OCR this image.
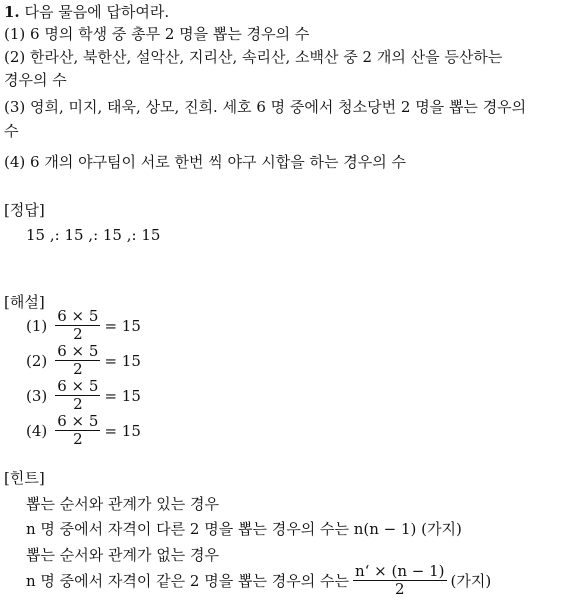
1. 다음 물음에 답하여라.
(1) 6 명의 학생 중 총무 2 명을 뽑는 경우의 수
(2) 한라산, 북한산, 설악산, 지리산, 속리산, 소백산 중 2 개의 산을 등산하는
경우의 수
(3) 영희, 미지, 태욱, 상모, 진희. 세호 6 명 중에서 청소당번 2 명을 뽑는 경우의
수
(4) 6 개의 야구팀이 서로 한번 씩 야구 시합을 하는 경우의 수
[정답]
15 ,: 15 ,: 15 ,: 15
[해설]
$(1) \frac{6 \times 5}{2} = 15$
$(2) \frac{6 \times 5}{2} = 15$
$(3) \frac{6 \times 5}{2} = 15$
$(4) \frac{6 \times 5}{2} = 15$
[힌트]
뽑는 순서와 관계가 있는 경우
n 명 중에서 자격이 다른 2 명을 뽑는 경우의 수는 n(n − 1) (가지)
뽑는 순서와 관계가 없는 경우
n 명 중에서 자격이 같은 2 명을 뽑는 경우의 수는 $\frac{n‘ \times (n - 1)}{2}$ (가지)
